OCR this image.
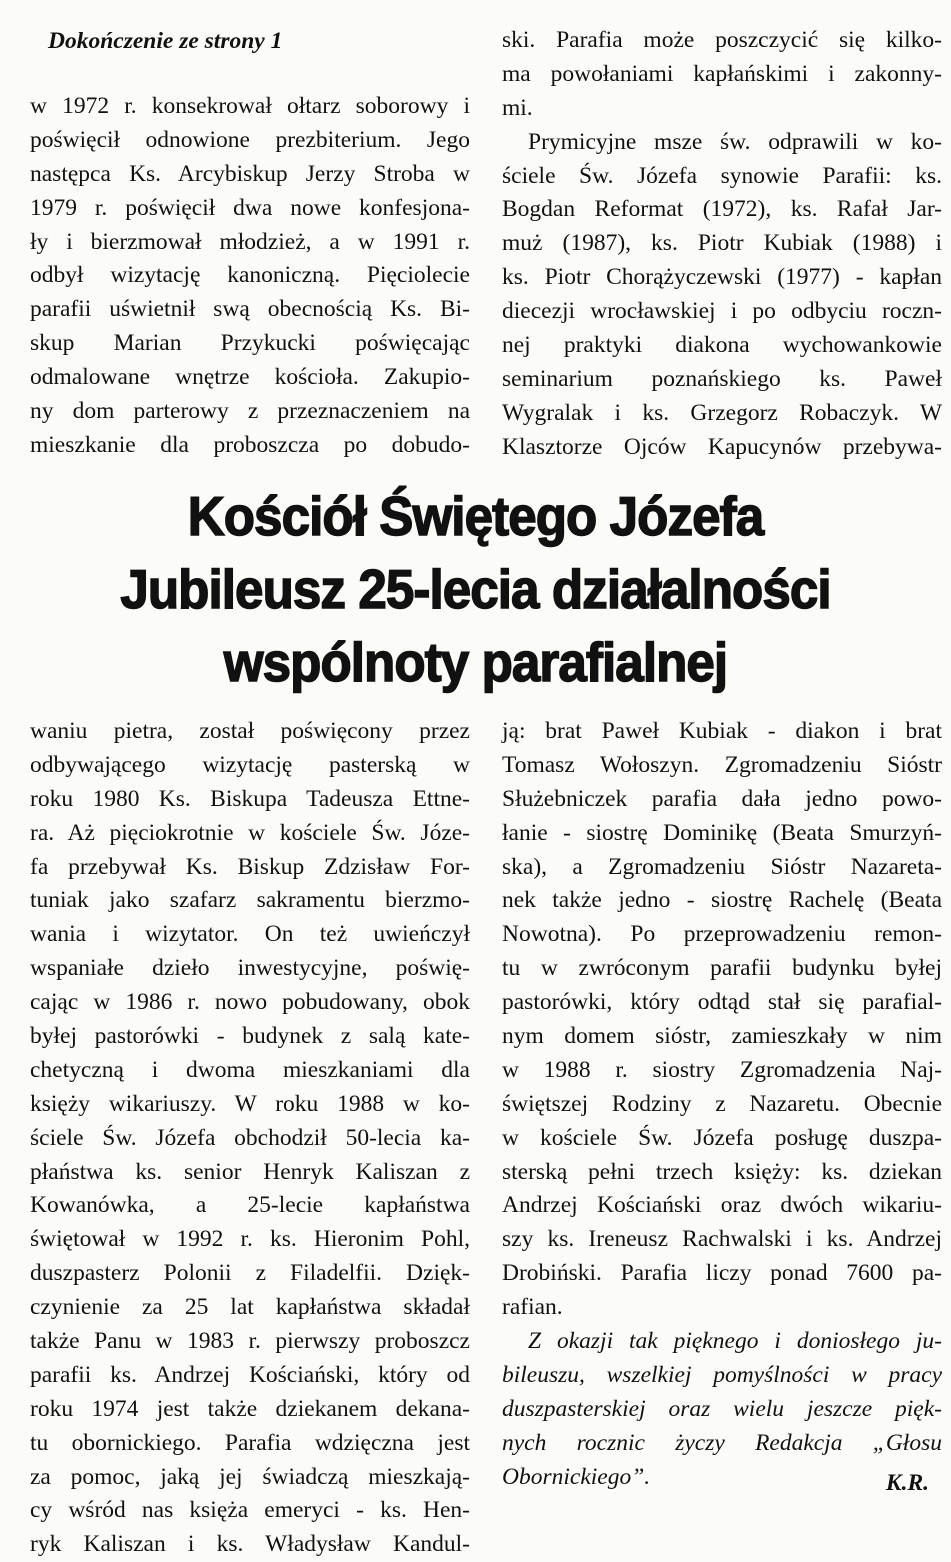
Dokończenie ze strony 1
w 1972 r. konsekrował ołtarz soborowy i
poświęcił odnowione prezbiterium. Jego
następca Ks. Arcybiskup Jerzy Stroba w
1979 r. poświęcił dwa nowe konfesjona-
ły i bierzmował młodzież, a w 1991 r.
odbył wizytację kanoniczną. Pięciolecie
parafii uświetnił swą obecnością Ks. Bi-
skup Marian Przykucki poświęcając
odmalowane wnętrze kościoła. Zakupio-
ny dom parterowy z przeznaczeniem na
mieszkanie dla proboszcza po dobudo-
ski. Parafia może poszczycić się kilko-
ma powołaniami kapłańskimi i zakonny-
mi.
Prymicyjne msze św. odprawili w ko-
ściele Św. Józefa synowie Parafii: ks.
Bogdan Reformat (1972), ks. Rafał Jar-
muż (1987), ks. Piotr Kubiak (1988) i
ks. Piotr Chorążyczewski (1977) - kapłan
diecezji wrocławskiej i po odbyciu roczn-
nej praktyki diakona wychowankowie
seminarium poznańskiego ks. Paweł
Wygralak i ks. Grzegorz Robaczyk. W
Klasztorze Ojców Kapucynów przebywa-
Kościół Świętego Józefa
Jubileusz 25-lecia działalności
wspólnoty parafialnej
waniu pietra, został poświęcony przez
odbywającego wizytację pasterską w
roku 1980 Ks. Biskupa Tadeusza Ettne-
ra. Aż pięciokrotnie w kościele Św. Józe-
fa przebywał Ks. Biskup Zdzisław For-
tuniak jako szafarz sakramentu bierzmo-
wania i wizytator. On też uwieńczył
wspaniałe dzieło inwestycyjne, poświę-
cając w 1986 r. nowo pobudowany, obok
byłej pastorówki - budynek z salą kate-
chetyczną i dwoma mieszkaniami dla
księży wikariuszy. W roku 1988 w ko-
ściele Św. Józefa obchodził 50-lecia ka-
płaństwa ks. senior Henryk Kaliszan z
Kowanówka, a 25-lecie kapłaństwa
świętował w 1992 r. ks. Hieronim Pohl,
duszpasterz Polonii z Filadelfii. Dzięk-
czynienie za 25 lat kapłaństwa składał
także Panu w 1983 r. pierwszy proboszcz
parafii ks. Andrzej Kościański, który od
roku 1974 jest także dziekanem dekana-
tu obornickiego. Parafia wdzięczna jest
za pomoc, jaką jej świadczą mieszkają-
cy wśród nas księża emeryci - ks. Hen-
ryk Kaliszan i ks. Władysław Kandul-
ją: brat Paweł Kubiak - diakon i brat
Tomasz Wołoszyn. Zgromadzeniu Sióstr
Służebniczek parafia dała jedno powo-
łanie - siostrę Dominikę (Beata Smurzyń-
ska), a Zgromadzeniu Sióstr Nazareta-
nek także jedno - siostrę Rachelę (Beata
Nowotna). Po przeprowadzeniu remon-
tu w zwróconym parafii budynku byłej
pastorówki, który odtąd stał się parafial-
nym domem sióstr, zamieszkały w nim
w 1988 r. siostry Zgromadzenia Naj-
świętszej Rodziny z Nazaretu. Obecnie
w kościele Św. Józefa posługę duszpa-
sterską pełni trzech księży: ks. dziekan
Andrzej Kościański oraz dwóch wikariu-
szy ks. Ireneusz Rachwalski i ks. Andrzej
Drobiński. Parafia liczy ponad 7600 pa-
rafian.
Z okazji tak pięknego i doniosłego ju-
bileuszu, wszelkiej pomyślności w pracy
duszpasterskiej oraz wielu jeszcze pięk-
nych rocznic życzy Redakcja „Głosu
Obornickiego”.	K.R.
